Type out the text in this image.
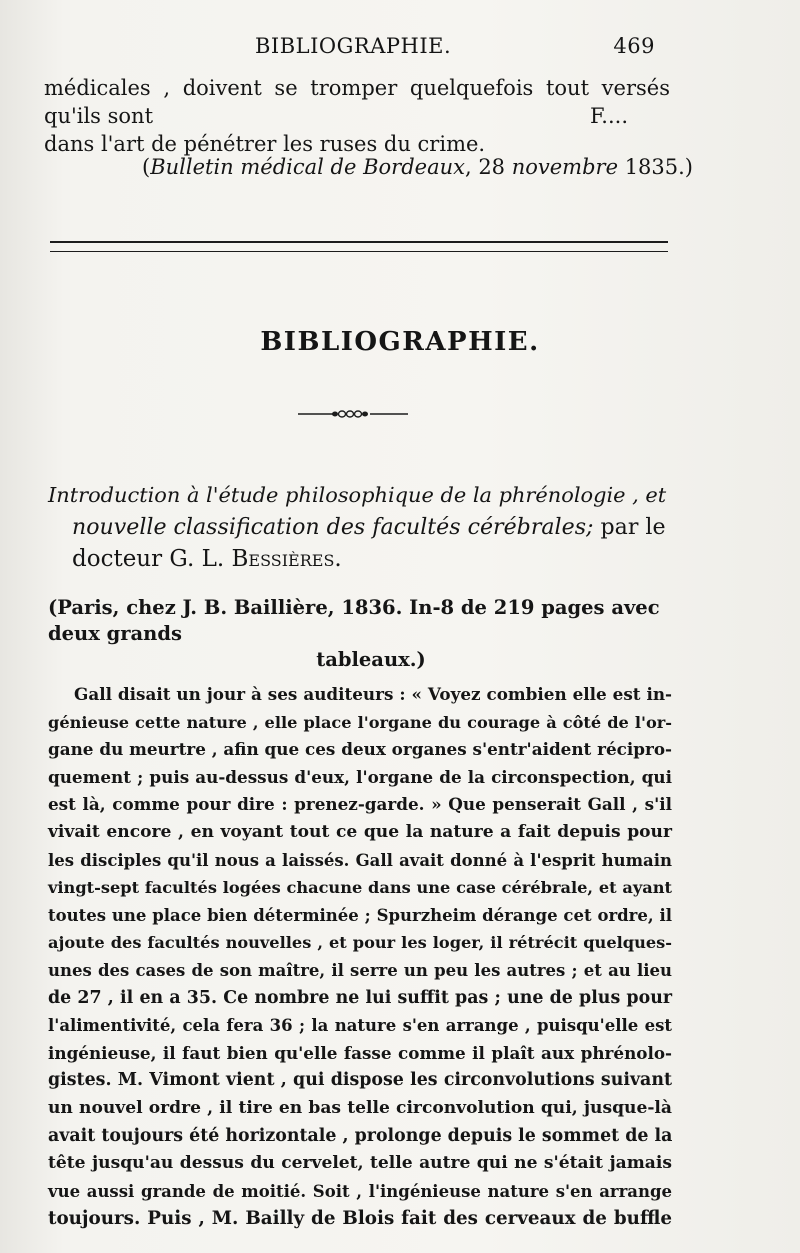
BIBLIOGRAPHIE.	469

médicales , doivent se tromper quelquefois tout versés qu'ils sont

dans l'art de pénétrer les ruses du crime.

F....
(Bulletin médical de Bordeaux, 28 novembre 1835.)
BIBLIOGRAPHIE.
Introduction à l'étude philosophique de la phrénologie , et
nouvelle classification des facultés cérébrales; par le
docteur G. L. Bessières.
(Paris, chez J. B. Baillière, 1836. In-8 de 219 pages avec deux grands
tableaux.)
Gall disait un jour à ses auditeurs : « Voyez combien elle est in-
génieuse cette nature , elle place l'organe du courage à côté de l'or-
gane du meurtre , afin que ces deux organes s'entr'aident récipro-
quement ; puis au-dessus d'eux, l'organe de la circonspection, qui
est là, comme pour dire : prenez-garde. » Que penserait Gall , s'il
vivait encore , en voyant tout ce que la nature a fait depuis pour
les disciples qu'il nous a laissés. Gall avait donné à l'esprit humain
vingt-sept facultés logées chacune dans une case cérébrale, et ayant
toutes une place bien déterminée ; Spurzheim dérange cet ordre, il
ajoute des facultés nouvelles , et pour les loger, il rétrécit quelques-
unes des cases de son maître, il serre un peu les autres ; et au lieu
de 27 , il en a 35. Ce nombre ne lui suffit pas ; une de plus pour
l'alimentivité, cela fera 36 ; la nature s'en arrange , puisqu'elle est
ingénieuse, il faut bien qu'elle fasse comme il plaît aux phrénolo-
gistes. M. Vimont vient , qui dispose les circonvolutions suivant
un nouvel ordre , il tire en bas telle circonvolution qui, jusque-là
avait toujours été horizontale , prolonge depuis le sommet de la
tête jusqu'au dessus du cervelet, telle autre qui ne s'était jamais
vue aussi grande de moitié. Soit , l'ingénieuse nature s'en arrange
toujours. Puis , M. Bailly de Blois fait des cerveaux de buffle
